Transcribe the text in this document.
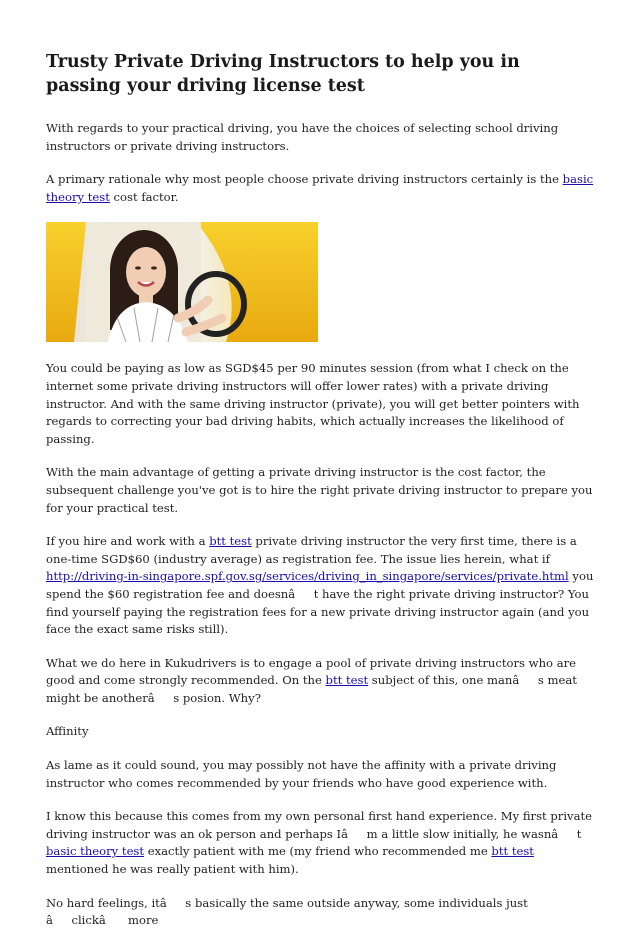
Trusty Private Driving Instructors to help you in passing your driving license test

With regards to your practical driving, you have the choices of selecting school driving instructors or private driving instructors.

A primary rationale why most people choose private driving instructors certainly is the basic theory test cost factor.

You could be paying as low as SGD$45 per 90 minutes session (from what I check on the internet some private driving instructors will offer lower rates) with a private driving instructor. And with the same driving instructor (private), you will get better pointers with regards to correcting your bad driving habits, which actually increases the likelihood of passing.

With the main advantage of getting a private driving instructor is the cost factor, the subsequent challenge you've got is to hire the right private driving instructor to prepare you for your practical test.

If you hire and work with a btt test private driving instructor the very first time, there is a one-time SGD$60 (industry average) as registration fee. The issue lies herein, what if http://driving-in-singapore.spf.gov.sg/services/driving_in_singapore/services/private.html you spend the $60 registration fee and doesnât have the right private driving instructor? You find yourself paying the registration fees for a new private driving instructor again (and you face the exact same risks still).

What we do here in Kukudrivers is to engage a pool of private driving instructors who are good and come strongly recommended. On the btt test subject of this, one manâs meat might be anotherâs posion. Why?

Affinity

As lame as it could sound, you may possibly not have the affinity with a private driving instructor who comes recommended by your friends who have good experience with.

I know this because this comes from my own personal first hand experience. My first private driving instructor was an ok person and perhaps Iâm a little slow initially, he wasnât basic theory test exactly patient with me (my friend who recommended me btt test mentioned he was really patient with him).

No hard feelings, itâs basically the same outside anyway, some individuals just âclickâ more
